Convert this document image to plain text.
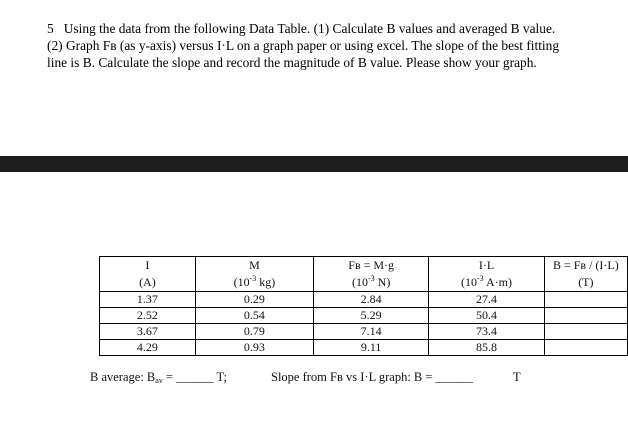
5 Using the data from the following Data Table. (1) Calculate B values and averaged B value.

(2) Graph Fʙ (as y-axis) versus I·L on a graph paper or using excel. The slope of the best fitting

line is B. Calculate the slope and record the magnitude of B value. Please show your graph.

I	M	Fʙ = M·g	I·L	B = Fʙ / (I·L)
(A)	($10^{-3}$ kg)	($10^{-3}$ N)	($10^{-3}$ A·m)	(T)
1.37	0.29	2.84	27.4	
2.52	0.54	5.29	50.4	
3.67	0.79	7.14	73.4	
4.29	0.93	9.11	85.8	
B average: $B_{av}$ = ______ T;	Slope from Fʙ vs I·L graph: B = ______	T
